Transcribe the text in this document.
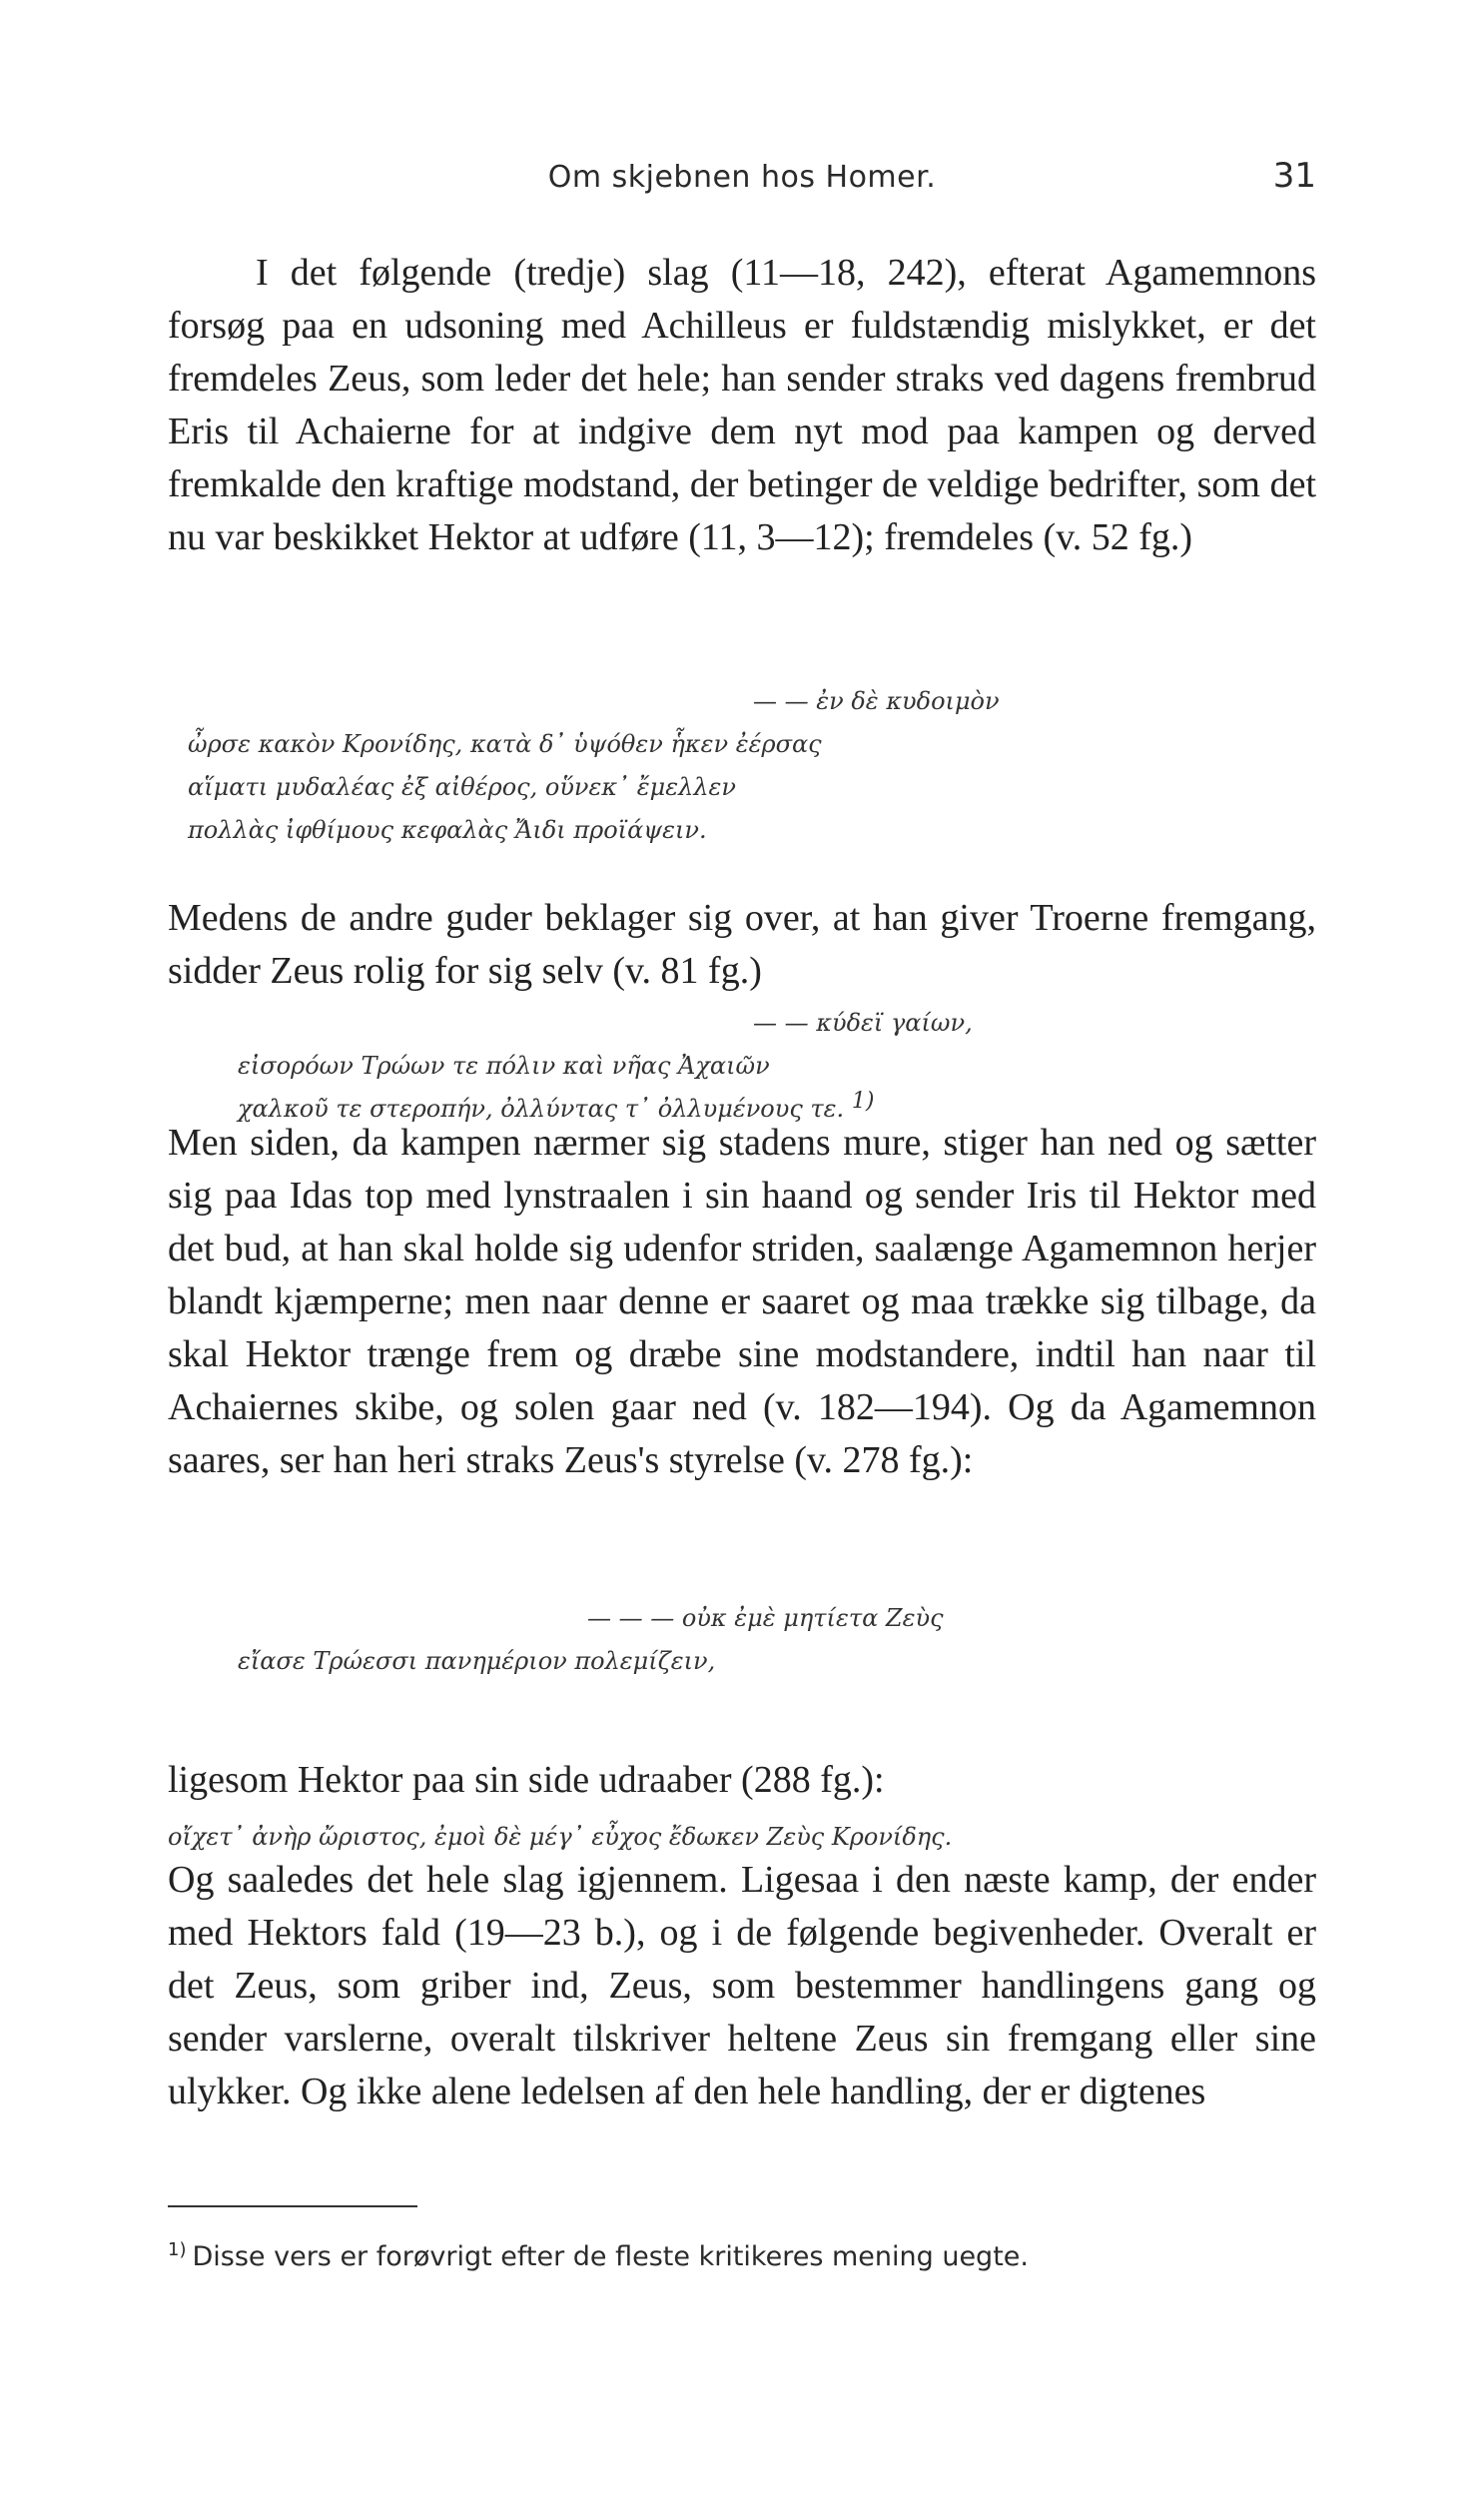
Om skjebnen hos Homer.	31

I det følgende (tredje) slag (11—18, 242), efterat Agamemnons forsøg paa en udsoning med Achilleus er fuldstændig mislykket, er det fremdeles Zeus, som leder det hele; han sender straks ved dagens frembrud Eris til Achaierne for at indgive dem nyt mod paa kampen og derved fremkalde den kraftige modstand, der betinger de veldige bedrifter, som det nu var beskikket Hektor at udføre (11, 3—12); fremdeles (v. 52 fg.)

— — ἐν δὲ κυδοιμὸν
ὦρσε κακὸν Κρονίδης, κατὰ δ᾽ ὑψόθεν ἧκεν ἐέρσας
αἵματι μυδαλέας ἐξ αἰθέρος, οὕνεκ᾽ ἔμελλεν
πολλὰς ἰφθίμους κεφαλὰς Ἄιδι προϊάψειν.

Medens de andre guder beklager sig over, at han giver Troerne fremgang, sidder Zeus rolig for sig selv (v. 81 fg.)

— — κύδεϊ γαίων,
εἰσορόων Τρώων τε πόλιν καὶ νῆας Ἀχαιῶν
χαλκοῦ τε στεροπήν, ὀλλύντας τ᾽ ὀλλυμένους τε. 1)

Men siden, da kampen nærmer sig stadens mure, stiger han ned og sætter sig paa Idas top med lynstraalen i sin haand og sender Iris til Hektor med det bud, at han skal holde sig udenfor striden, saalænge Agamemnon herjer blandt kjæmperne; men naar denne er saaret og maa trække sig tilbage, da skal Hektor trænge frem og dræbe sine modstandere, indtil han naar til Achaiernes skibe, og solen gaar ned (v. 182—194). Og da Agamemnon saares, ser han heri straks Zeus's styrelse (v. 278 fg.):

— — — οὐκ ἐμὲ μητίετα Ζεὺς
εἴασε Τρώεσσι πανημέριον πολεμίζειν,

ligesom Hektor paa sin side udraaber (288 fg.):

οἴχετ᾽ ἀνὴρ ὤριστος, ἐμοὶ δὲ μέγ᾽ εὖχος ἔδωκεν Ζεὺς Κρονίδης.

Og saaledes det hele slag igjennem. Ligesaa i den næste kamp, der ender med Hektors fald (19—23 b.), og i de følgende begivenheder. Overalt er det Zeus, som griber ind, Zeus, som bestemmer handlingens gang og sender varslerne, overalt tilskriver heltene Zeus sin fremgang eller sine ulykker. Og ikke alene ledelsen af den hele handling, der er digtenes

$^{1)}$ Disse vers er forøvrigt efter de fleste kritikeres mening uegte.
